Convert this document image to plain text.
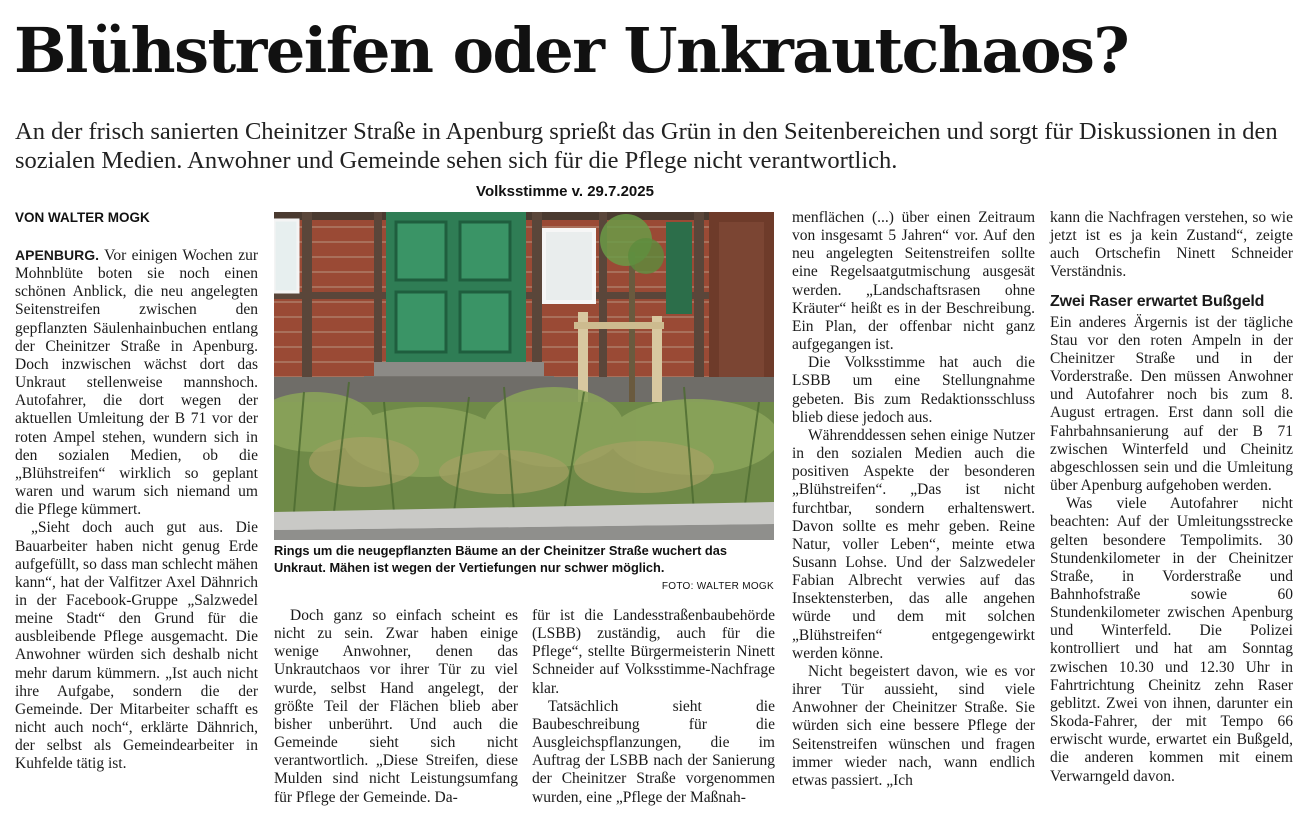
Blühstreifen oder Unkrautchaos?
An der frisch sanierten Cheinitzer Straße in Apenburg sprießt das Grün in den Seitenbereichen und sorgt für Diskussionen in den sozialen Medien. Anwohner und Gemeinde sehen sich für die Pflege nicht verantwortlich.
Volksstimme v. 29.7.2025
VON WALTER MOGK

APENBURG. Vor einigen Wochen zur Mohnblüte boten sie noch einen schönen Anblick, die neu angelegten Seitenstreifen zwischen den gepflanzten Säulenhainbuchen entlang der Cheinitzer Straße in Apenburg. Doch inzwischen wächst dort das Unkraut stellenweise mannshoch. Autofahrer, die dort wegen der aktuellen Umleitung der B 71 vor der roten Ampel stehen, wundern sich in den sozialen Medien, ob die „Blühstreifen“ wirklich so geplant waren und warum sich niemand um die Pflege kümmert.

„Sieht doch auch gut aus. Die Bauarbeiter haben nicht genug Erde aufgefüllt, so dass man schlecht mähen kann“, hat der Valfitzer Axel Dähnrich in der Facebook-Gruppe „Salzwedel meine Stadt“ den Grund für die ausbleibende Pflege ausgemacht. Die Anwohner würden sich deshalb nicht mehr darum kümmern. „Ist auch nicht ihre Aufgabe, sondern die der Gemeinde. Der Mitarbeiter schafft es nicht auch noch“, erklärte Dähnrich, der selbst als Gemeindearbeiter in Kuhfelde tätig ist.

Rings um die neugepflanzten Bäume an der Cheinitzer Straße wuchert das Unkraut. Mähen ist wegen der Vertiefungen nur schwer möglich.
FOTO: WALTER MOGK

Doch ganz so einfach scheint es nicht zu sein. Zwar haben einige wenige Anwohner, denen das Unkrautchaos vor ihrer Tür zu viel wurde, selbst Hand angelegt, der größte Teil der Flächen blieb aber bisher unberührt. Und auch die Gemeinde sieht sich nicht verantwortlich. „Diese Streifen, diese Mulden sind nicht Leistungsumfang für Pflege der Gemeinde. Da-

für ist die Landesstraßenbaubehörde (LSBB) zuständig, auch für die Pflege“, stellte Bürgermeisterin Ninett Schneider auf Volksstimme-Nachfrage klar.

Tatsächlich sieht die Baubeschreibung für die Ausgleichspflanzungen, die im Auftrag der LSBB nach der Sanierung der Cheinitzer Straße vorgenommen wurden, eine „Pflege der Maßnah-

menflächen (...) über einen Zeitraum von insgesamt 5 Jahren“ vor. Auf den neu angelegten Seitenstreifen sollte eine Regelsaatgutmischung ausgesät werden. „Landschaftsrasen ohne Kräuter“ heißt es in der Beschreibung. Ein Plan, der offenbar nicht ganz aufgegangen ist.

Die Volksstimme hat auch die LSBB um eine Stellungnahme gebeten. Bis zum Redaktionsschluss blieb diese jedoch aus.

Währenddessen sehen einige Nutzer in den sozialen Medien auch die positiven Aspekte der besonderen „Blühstreifen“. „Das ist nicht furchtbar, sondern erhaltenswert. Davon sollte es mehr geben. Reine Natur, voller Leben“, meinte etwa Susann Lohse. Und der Salzwedeler Fabian Albrecht verwies auf das Insektensterben, das alle angehen würde und dem mit solchen „Blühstreifen“ entgegengewirkt werden könne.

Nicht begeistert davon, wie es vor ihrer Tür aussieht, sind viele Anwohner der Cheinitzer Straße. Sie würden sich eine bessere Pflege der Seitenstreifen wünschen und fragen immer wieder nach, wann endlich etwas passiert. „Ich

kann die Nachfragen verstehen, so wie jetzt ist es ja kein Zustand“, zeigte auch Ortschefin Ninett Schneider Verständnis.

Zwei Raser erwartet Bußgeld

Ein anderes Ärgernis ist der tägliche Stau vor den roten Ampeln in der Cheinitzer Straße und in der Vorderstraße. Den müssen Anwohner und Autofahrer noch bis zum 8. August ertragen. Erst dann soll die Fahrbahnsanierung auf der B 71 zwischen Winterfeld und Cheinitz abgeschlossen sein und die Umleitung über Apenburg aufgehoben werden.

Was viele Autofahrer nicht beachten: Auf der Umleitungsstrecke gelten besondere Tempolimits. 30 Stundenkilometer in der Cheinitzer Straße, in Vorderstraße und Bahnhofstraße sowie 60 Stundenkilometer zwischen Apenburg und Winterfeld. Die Polizei kontrolliert und hat am Sonntag zwischen 10.30 und 12.30 Uhr in Fahrtrichtung Cheinitz zehn Raser geblitzt. Zwei von ihnen, darunter ein Skoda-Fahrer, der mit Tempo 66 erwischt wurde, erwartet ein Bußgeld, die anderen kommen mit einem Verwarngeld davon.
